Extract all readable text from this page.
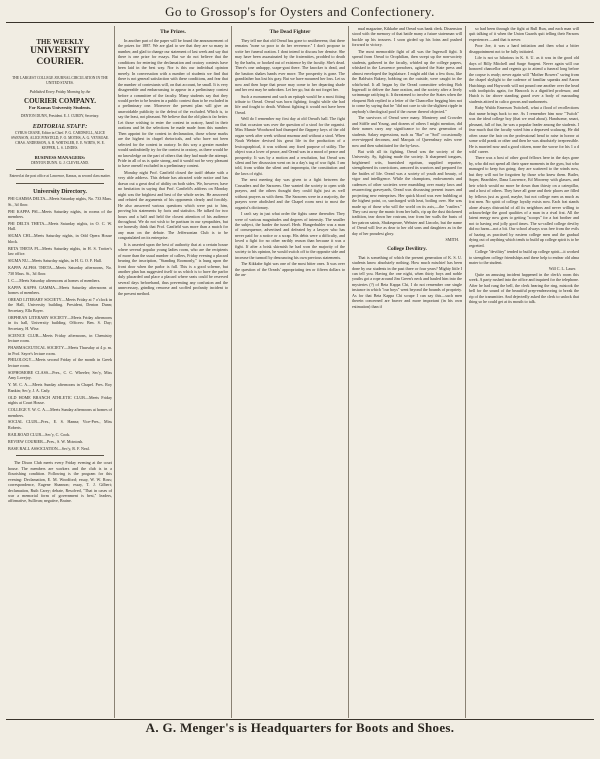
Go to Grossop's for Oysters and Confectionery.
THE WEEKLY
UNIVERSITY COURIER.
THE LARGEST COLLEGE JOURNAL CIRCULATION IN THE UNITED STATES.
Published Every Friday Morning by the
COURIER COMPANY.
For Kansas University Students.
DENTON DUNN, President. E. J. CURDY, Secretary.
EDITORIAL STAFF:
CYRUS CRANE, Editor in Chief. P. G. CARDWELL, ALICE SWENSON, ALICE PINSTELD, F. O. MOTHS, A. G. VEYROAE. CHAS. ANDERSON, A. R. WHITSLER, E. E. WIRTS, W. E. KEPPER, L. S. LINDES.
BUSINESS MANAGERS:
DENTON DUNN. G. J. CLEVELAND.
Entered at the post office at Lawrence, Kansas, as second class matter.
University Directory.

PHI GAMMA DELTA—Meets Saturday nights, No. 733 Mass. St., 3d floor.

PHI KAPPA PSI—Meets Saturday nights, in rooms of the members.

PHI DELTA THETA—Meets Saturday nights, in O. C. W. Hall.

SIGMA CHI—Meets Saturday nights, in Odd Opera House block.

BETA THETA PI—Meets Saturday nights, in H. S. Trotter's law office.

SIGMA NU—Meets Saturday nights, in H. G. O. F. Hall.

KAPPA ALPHA THETA—Meets Saturday afternoons, No. 730 Mass. St., 3d floor.

I. C.—Meets Saturday afternoons at homes of members.

KAPPA KAPPA GAMMA—Meets Saturday afternoons at homes of members.

OREAD LITERARY SOCIETY—Meets Friday at 7 o'clock in the Hall, University building. President, Denton Dunn; Secretary, Ella Boyer.

ORPHEAN LITERARY SOCIETY—Meets Friday afternoons in its hall, University building. Officers: Ben. S. Day; Secretary, H. Wise.

SCIENCE CLUB—Meets Friday afternoons, in Chemistry lecture room.

PHARMACEUTICAL SOCIETY—Meets Thursday at 4 p. m. in Prof. Sayre's lecture room.

PHILOLOGY—Meets second Friday of the month in Greek lecture room.

SOPHOMORE CLASS—Pres., C. C. Wheeler; Sec'y, Miss Amy Lovejoy.

Y. M. C. A.—Meets Sunday afternoons in Chapel. Pres. Roy Rankin; Sec'y, J. A. Cady.

OLD HOME BRANCH ATHLETIC CLUB—Meets Friday nights at Court House.

COLLEGE Y. W. C. A.—Meets Sunday afternoons at homes of members.

SOCIAL CLUB—Pres., E. S. Hanna; Vice-Pres., Miss Roberts.

RAILROAD CLUB—Sec'y, C. Cook.

REVIEW COURIER—Pres., S. W. Mcintosh.

BASE BALL ASSOCIATION—Sec'y, R. F. Neal.

The Dixon Club meets every Friday evening at the court house. The members are workers and the club is in a flourishing condition. Following is the program for this evening: Declamation, E. M. Woodford; essay, W. W. Ross; correspondence, Eugene Shannon; essay, T. J. Gilbert; declamation, Ruth Carey; debate, Resolved, "That in cases of war a memorial form of government is best," leaders, affirmative, Sullivan; negative, Braine.

The Prizes.

In another part of the paper will be found the announcement of the prizes for 1887. We are glad to see that they are so many in number, and glad to change our statement of last week and say that there is one prize for essays. But we do not believe that the conditions for entering the declamation and oratory contests have been laid in the best way. Nor is this our individual opinion merely. In conversation with a number of students we find that there is not general satisfaction with these conditions, and fear that the number of contestants will, on that account, be small. It is very disagreeable and embarrassing to appear in a preliminary contest before a committee of the faculty. Many students say that they would prefer to be beaten in a public contest than to be excluded in a preliminary one. Moreover the present plan will give an unavoidable publicity to the defeat of the excluded. Which is, to say the least, not pleasant. We believe that the old plan is far better. Let those wishing to enter the contest in oratory, hand in their orations and let the selections be made made from this number. Then appoint for the contest in declamation, those whose marks are the highest in chapel rhetoricals, and who have not been selected for the contest in oratory. In this way a greater number would undoubtedly try for the contest in oratory, as there would be no knowledge on the part of others that they had made the attempt. Pride in all of us is quite strong, and it would not be very pleasant to have oneself excluded in a preliminary contest.

Monday night Prof. Canfield closed the tariff debate with a very able address. This debate has attracted wide notice and has drawn out a great deal of ability on both sides. We, however, have no hesitation in saying that Prof. Canfield's address on Monday night was the brightest and best of the whole series. He answered and refuted the arguments of his opponents clearly and forcibly. He also answered various questions which were put to him, proving his statements by facts and statistics. He talked for two hours and a half and held the closest attention of his audience throughout. We do not wish to be partisan in our sympathies, but we honestly think that Prof. Canfield was more than a match for any man on the debate. The Jeffersonian Club is to be congratulated on its enterprise.

It is asserted upon the best of authority that at a certain house where several popular young ladies room, who are the recipients of more than the usual number of callers, Friday evening a placard bearing the inscription, "Standing Roomonly," is hung upon the front door when the parlor is full. This is a good scheme, but another plan has suggested itself to us which is to have the parlor duly placarded and place a placard where seats could be reserved several days beforehand, thus preventing any confusion and the unnecessary, grinding remorse and scoffed profanity incident to the present method.

The Dead Fighter

They tell me that old Oread has gone to smithereens; that there remains "none so poor to do her reverence." I don't propose to write her funeral oration. I dont intend to discuss her demise. She may have been assassinated by the fraternities, prodded to death by the barbs, or hooked out of existence by the faculty. She's dead. There's one unhappy, scape-goat there. The knocker is dead, and the bastion shakes hands ever more. The prosperity is gone. The grandfather has lost his gray. But we have mourned her loss. Let us now and then hope that peace may come to her departing shade and her rest may be unbroken. Let her go, but do not forget her.

Such a monument and such an epitaph would be a most fitting tribute to Oread. Oread was born fighting; fought while she had life and fought to death. Without fighting it would not have been Oread.

Well do I remember my first day at old Oread's hall. The fight on that occasion was over the question of a stool for the organist. Miss Mamie Woodward had thumped the flappery keys of the old organ week after week without murmur and without a stool. When Noah Webster devised his great life in the production of a lexicographical, it was without any fixed purpose of utility. The object was a lover of peace, and Oread was in a mood of peace and prosperity. It was by a motion and a resolution, but Oread was silent and her discussion went on in a day's tug of war fight. I am told, from within the silent and impromptu, the constitution and the laws of right.

The next meeting day was given to a fight between the Crusaders and the Saracens. One wanted the society to open with prayers, and the others thought they could fight just as well without prayers as with them. The Saracens were in a majority, the prayers were abolished and the Chapel room next to most the organist's dictionary.

I can't say in just what order the fights came thereafter. They were of various magnitudes and degrees of intensity. The smaller the subject, the harder the tussel. Herb. Hungerbuhler was a man of consequence, advertised and defeated by a lawyer who has never paid for a notice or a scrap. His debts were a difficulty, and loved a fight for no other earthly reason than because it was a fight. If after a brisk skirmish he had won the majority of the society to his opinion, he would switch off to the opposite side and increase the turmoil by denouncing his own previous statements.

The Kikkabe fight was one of the most bitter ones. It was over the question of the Oreads' appropriating ten or fifteen dollars to the an-

nual magazine, Kikkabe and Oread was bank clerk. Dissension stood with the memory of that battle many a future statesman will buckle up his trousers. I soon girded up his loins and pushed forward to victory.

The most memorable fight of all was the Ingersoll fight. It spread from Oread to Orophilian, then swept up the non-society students, gathered in the faculty, whirled up the college papers, whisked in the Lawrence preachers, agitated the State press and almost enveloped the legislature. I might add that a few thou, like the Baldwin Bakery, bobbing on the outside, were caught in the whirlwind. It all began by the Oread committee selecting Bob Ingersoll to deliver the June oration, and the society after a lively scrimmage ratifying it. It threatened to involve the States when the eloquent Bob replied to a letter of the Chancellor begging him not to come by saying that he "did not care to stir the slightest ripple in anybody's theological pool if the owner thereof objected."

The survivors of Oread were many. Monterey and Crowder and Stiffle and Young, and dozens of others I might mention, did their names carry any significance to the new generation of students. Salary regressions, such as "Bar" or "Sod" occasionally over-stepped decorum, and Marquis of Queensbury rules were now and then substituted for the by-laws.

But with all its fighting, Oread was the society of the University. Ay, fighting made the society. It sharpened tongues, brightened wits, burnished egotism, supplied repartee, strengthened its convictions, armored its warriors and prepared for the battles of life. Oread was a society of youth and beauty, of vigor and intelligence. While the champions, endowments and cadences of other societies were mumbling over musty laws and resurrecting graveyards, Oread was discussing present issues and projecting new enterprises. Her quick blood was ever bubbling at the highest point, or, surcharged with heat, boiling over. She was made up of those who will the world on its axis,—the "rustlers." They cast away the manic from her halls, rip up the dust thickened tradition, tear down her rostrum, tear from her walls the busts of her patron saints, Shakespeare, Webster and Lincoln, but the name of Oread will live as dear to her old sons and daughters as in the day of her proudest glory.

SMITH.
College Devilitry.

That is something of which the present generation of K. S. U. students know absolutely nothing. How much mischief has been done by our students in the past three or four years? Mighty little I can tell you. Having the one night, when thirty boys and noble youths got a rope around Jim Green's neck and hauled him into the mysteries (?) of Beta Kappa Chi, I do not remember one single instance in which "our boys" went beyond the bounds of propriety. As for that Beta Kappa Chi scrape I can say this—such men therein concerned are braver and more important (in his own estimation) than if

so had been through the fight at Bull Run, and each man will quit talking of it when the Union Guards quit telling their Parsons experiences —and that is never.

Poor Joe, it was a hard initiation and then what a bitter disappointment not to be fully initiated.

Life is not so hilarious in K. S. U. as it was in the good old days of Billy Mitchell and Sarge Sargent. Never again will our honored chancellor and regents go to attend a funeral long before the corpse is ready; never again will "Mother Bowers" swing from the chapel skylight to the cadence of familiar squeaks and Aaron Hutchings and Hayworth will not pound one another over the head with toothpicks again, for Hancock is a dignified professor, and Hutch is far above standing guard over a body of marauding students attired in calico gowns and sunbonnets.

Ruby Waldo Emerson Twitchell, what a flood of recollections that name brings back to me. As I remember him now "Twitch" was the ideal college boy (that we read about). Handsome, smart, pleasant, full of fun, he was a popular leader among the students. I fear much that the faculty voted him a depraved scalawag. He did often cause the hair on the professional head to raise in horror at some wild prank or other and then he was absolutely irrepressible. He is married now and a good citizen, none the worse for his 1 a d wild' career.

There was a host of other good fellows here in the days gone by, who did not spend all their spare moments in the gym, but who managed to keep fun going; they are scattered to the winds now, but they will not be forgotten by those who knew them. Butler, Soper, Beardslee, Dana Lawrence, Ed Mooreny with glasses, and heir which would no more be down than thirsty on a caterpillar, and a host of others. They have all gone and their places are filled by fellows just as good, maybe, but not college men as much as frat men. No spirit of college loyalty exists now. Each frat stands alone always distrustful of all its neighbors and never willing to acknowledge the good qualities of a man in a rival frat. All the latent energy now goes to getting "scoops" for a frat brother and not to having real jolly good times. The so-called college devilry did no harm—not a bit. Our school always was free from the evils of hazing as practised by eastern college men and the gradual dying out of anything which tends to build up college spirit is to be regretted.

College "devilitry" tended to build up college spirit—it worked to strengthen college friendships and these help to endear old alma mater to the student.

Will C. L. Lauer.

Quite an amusing incident happened in the clerk's room this week. A party rushed into the office and inquired for the telephone. After he had rung the bell, the clerk hearing the ring, mistook the bell for the sound of the beautiful prep-endeavoring to break the rip of the transmitter. And dejectedly asked the clerk to unlock that thing so he could get at its mouth to talk.

A. G. Menger's is Headquarters for Boots and Shoes.
